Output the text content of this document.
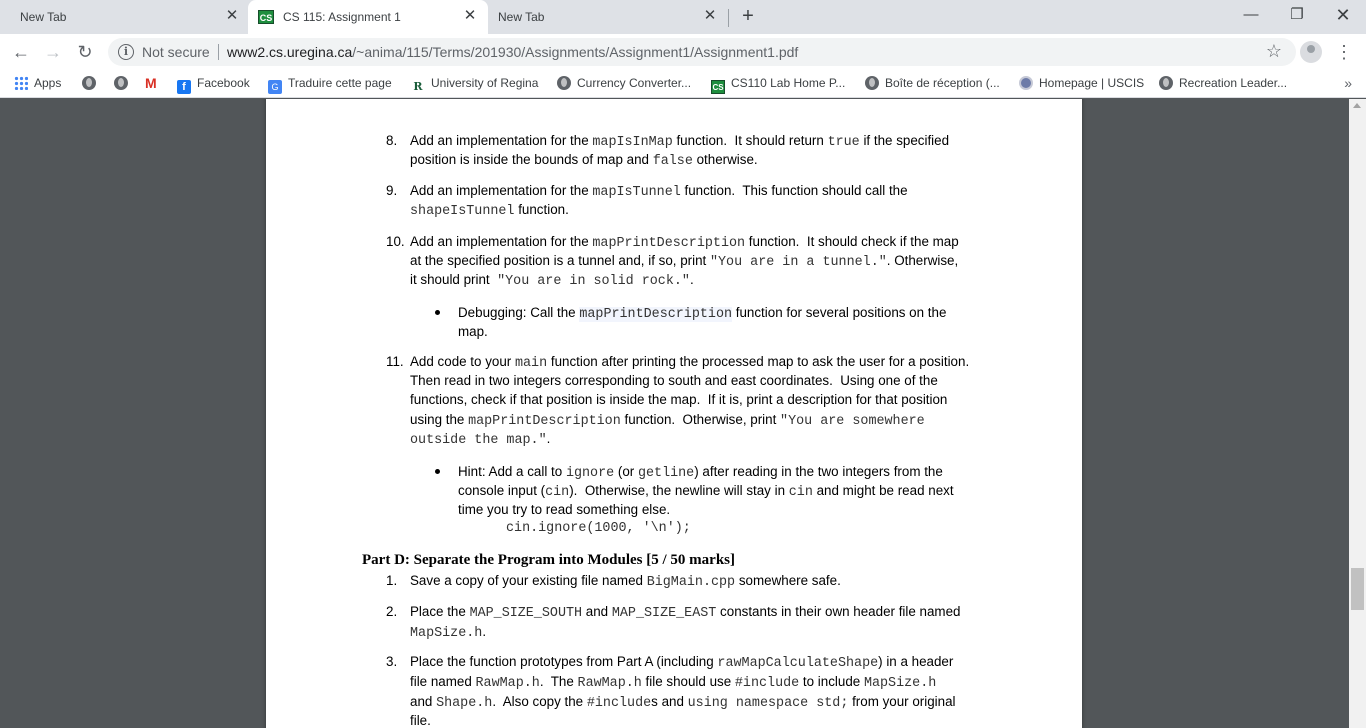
New Tab	✕ CS CS 115: Assignment 1	✕ New Tab	✕ +	—	❐	✕
← → ↻	i Not secure www2.cs.uregina.ca/~anima/115/Terms/201930/Assignments/Assignment1/Assignment1.pdf	☆	⋮
Apps	M	f Facebook	G Traduire cette page R University of Regina	Currency Converter...	CS CS110 Lab Home P...	Boîte de réception (...	Homepage | USCIS	Recreation Leader...	»
8. Add an implementation for the mapIsInMap function.  It should return true if the specified
position is inside the bounds of map and false otherwise.
9. Add an implementation for the mapIsTunnel function.  This function should call the
shapeIsTunnel function.
10. Add an implementation for the mapPrintDescription function.  It should check if the map
at the specified position is a tunnel and, if so, print "You are in a tunnel.". Otherwise,
it should print  "You are in solid rock.".
Debugging: Call the mapPrintDescription function for several positions on the
map.
11. Add code to your main function after printing the processed map to ask the user for a position.
Then read in two integers corresponding to south and east coordinates.  Using one of the
functions, check if that position is inside the map.  If it is, print a description for that position
using the mapPrintDescription function.  Otherwise, print "You are somewhere
outside the map.".
Hint: Add a call to ignore (or getline) after reading in the two integers from the
console input (cin).  Otherwise, the newline will stay in cin and might be read next
time you try to read something else.
cin.ignore(1000, '\n');
Part D: Separate the Program into Modules [5 / 50 marks]
1. Save a copy of your existing file named BigMain.cpp somewhere safe.
2. Place the MAP_SIZE_SOUTH and MAP_SIZE_EAST constants in their own header file named
MapSize.h.
3. Place the function prototypes from Part A (including rawMapCalculateShape) in a header
file named RawMap.h.  The RawMap.h file should use #include to include MapSize.h
and Shape.h.  Also copy the #includes and using namespace std; from your original
file.
